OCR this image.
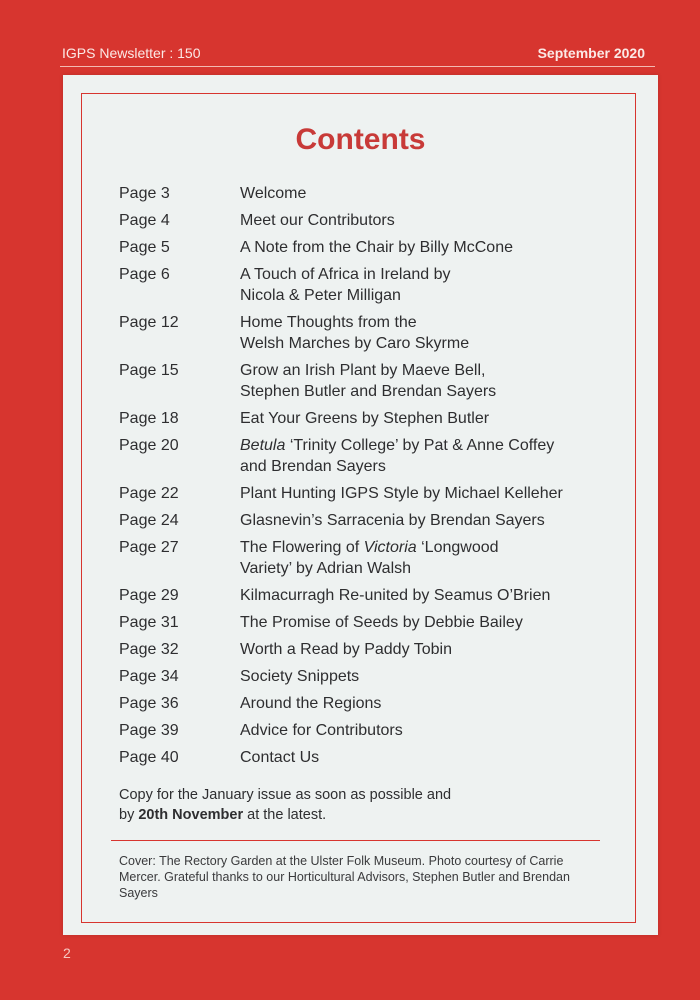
IGPS Newsletter : 150	September 2020
Contents
Page 3	Welcome
Page 4	Meet our Contributors
Page 5	A Note from the Chair by Billy McCone
Page 6	A Touch of Africa in Ireland by
Nicola & Peter Milligan
Page 12	Home Thoughts from the
Welsh Marches by Caro Skyrme
Page 15	Grow an Irish Plant by Maeve Bell,
Stephen Butler and Brendan Sayers
Page 18	Eat Your Greens by Stephen Butler
Page 20	Betula ‘Trinity College’ by Pat & Anne Coffey
and Brendan Sayers
Page 22	Plant Hunting IGPS Style by Michael Kelleher
Page 24	Glasnevin’s Sarracenia by Brendan Sayers
Page 27	The Flowering of Victoria ‘Longwood
Variety’ by Adrian Walsh
Page 29	Kilmacurragh Re-united by Seamus O’Brien
Page 31	The Promise of Seeds by Debbie Bailey
Page 32	Worth a Read by Paddy Tobin
Page 34	Society Snippets
Page 36	Around the Regions
Page 39	Advice for Contributors
Page 40	Contact Us
Copy for the January issue as soon as possible and
by 20th November at the latest.
Cover: The Rectory Garden at the Ulster Folk Museum. Photo courtesy of Carrie Mercer. Grateful thanks to our Horticultural Advisors, Stephen Butler and Brendan Sayers
2
